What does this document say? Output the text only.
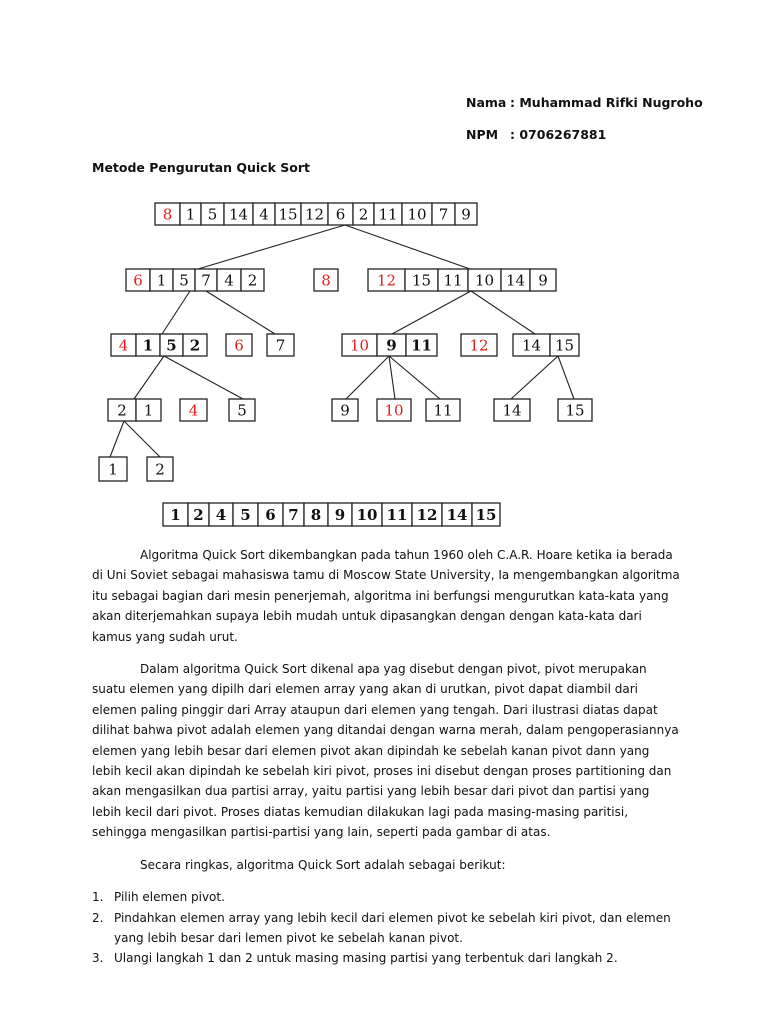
Nama : Muhammad Rifki Nugroho
NPM : 0706267881
Metode Pengurutan Quick Sort
8 1 5 14 4 15 12 6 2 11 10 7 9
6 1 5 7 4 2	8	12 15 11 10 14 9
4 1 5 2 6 7	10 9 11	12 14 15
2 1 4	5	9 10 11	14	15
1 2
1 2 4 5 6 7 8 9 10 11 12 14 15

Algoritma Quick Sort dikembangkan pada tahun 1960 oleh C.A.R. Hoare ketika ia berada di Uni Soviet sebagai mahasiswa tamu di Moscow State University, Ia mengembangkan algoritma itu sebagai bagian dari mesin penerjemah, algoritma ini berfungsi mengurutkan kata-kata yang akan diterjemahkan supaya lebih mudah untuk dipasangkan dengan dengan kata-kata dari kamus yang sudah urut.

Dalam algoritma Quick Sort dikenal apa yag disebut dengan pivot, pivot merupakan suatu elemen yang dipilh dari elemen array yang akan di urutkan, pivot dapat diambil dari elemen paling pinggir dari Array ataupun dari elemen yang tengah. Dari ilustrasi diatas dapat dilihat bahwa pivot adalah elemen yang ditandai dengan warna merah, dalam pengoperasiannya elemen yang lebih besar dari elemen pivot akan dipindah ke sebelah kanan pivot dann yang lebih kecil akan dipindah ke sebelah kiri pivot, proses ini disebut dengan proses partitioning dan akan mengasilkan dua partisi array, yaitu partisi yang lebih besar dari pivot dan partisi yang lebih kecil dari pivot. Proses diatas kemudian dilakukan lagi pada masing-masing paritisi, sehingga mengasilkan partisi-partisi yang lain, seperti pada gambar di atas.

Secara ringkas, algoritma Quick Sort adalah sebagai berikut:

1. Pilih elemen pivot.
2. Pindahkan elemen array yang lebih kecil dari elemen pivot ke sebelah kiri pivot, dan elemen yang lebih besar dari lemen pivot ke sebelah kanan pivot.
3. Ulangi langkah 1 dan 2 untuk masing masing partisi yang terbentuk dari langkah 2.
